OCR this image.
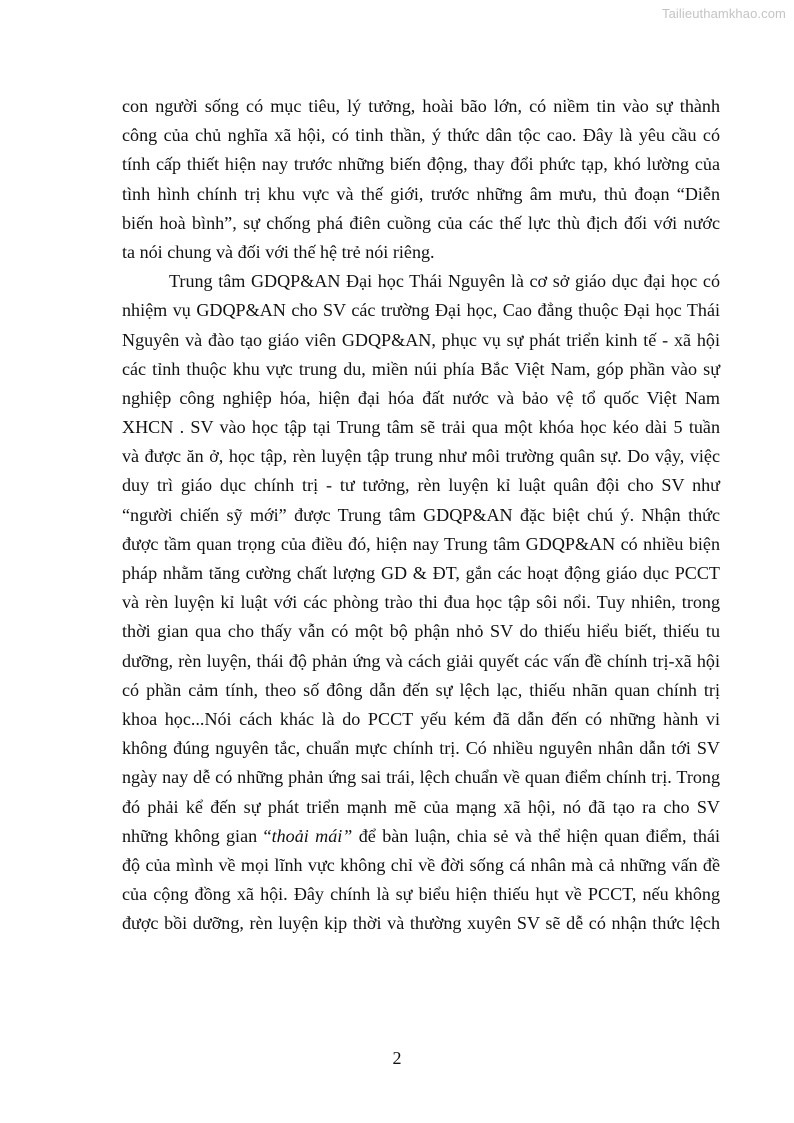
Tailieuthamkhao.com
con người sống có mục tiêu, lý tưởng, hoài bão lớn, có niềm tin vào sự thành
công của chủ nghĩa xã hội, có tinh thần, ý thức dân tộc cao. Đây là yêu cầu có
tính cấp thiết hiện nay trước những biến động, thay đổi phức tạp, khó lường của
tình hình chính trị khu vực và thế giới, trước những âm mưu, thủ đoạn “Diễn
biến hoà bình”, sự chống phá điên cuồng của các thế lực thù địch đối với nước
ta nói chung và đối với thế hệ trẻ nói riêng.
Trung tâm GDQP&AN Đại học Thái Nguyên là cơ sở giáo dục đại học có
nhiệm vụ GDQP&AN cho SV các trường Đại học, Cao đẳng thuộc Đại học Thái
Nguyên và đào tạo giáo viên GDQP&AN, phục vụ sự phát triển kinh tế - xã hội
các tỉnh thuộc khu vực trung du, miền núi phía Bắc Việt Nam, góp phần vào sự
nghiệp công nghiệp hóa, hiện đại hóa đất nước và bảo vệ tổ quốc Việt Nam
XHCN . SV vào học tập tại Trung tâm sẽ trải qua một khóa học kéo dài 5 tuần
và được ăn ở, học tập, rèn luyện tập trung như môi trường quân sự. Do vậy, việc
duy trì giáo dục chính trị - tư tưởng, rèn luyện kỉ luật quân đội cho SV như
“người chiến sỹ mới” được Trung tâm GDQP&AN đặc biệt chú ý. Nhận thức
được tầm quan trọng của điều đó, hiện nay Trung tâm GDQP&AN có nhiều biện
pháp nhằm tăng cường chất lượng GD & ĐT, gắn các hoạt động giáo dục PCCT
và rèn luyện kỉ luật với các phòng trào thi đua học tập sôi nổi. Tuy nhiên, trong
thời gian qua cho thấy vẫn có một bộ phận nhỏ SV do thiếu hiểu biết, thiếu tu
dưỡng, rèn luyện, thái độ phản ứng và cách giải quyết các vấn đề chính trị-xã hội
có phần cảm tính, theo số đông dẫn đến sự lệch lạc, thiếu nhãn quan chính trị
khoa học...Nói cách khác là do PCCT yếu kém đã dẫn đến có những hành vi
không đúng nguyên tắc, chuẩn mực chính trị. Có nhiều nguyên nhân dẫn tới SV
ngày nay dễ có những phản ứng sai trái, lệch chuẩn về quan điểm chính trị. Trong
đó phải kể đến sự phát triển mạnh mẽ của mạng xã hội, nó đã tạo ra cho SV
những không gian “thoải mái” để bàn luận, chia sẻ và thể hiện quan điểm, thái
độ của mình về mọi lĩnh vực không chỉ về đời sống cá nhân mà cả những vấn đề
của cộng đồng xã hội. Đây chính là sự biểu hiện thiếu hụt về PCCT, nếu không
được bồi dưỡng, rèn luyện kịp thời và thường xuyên SV sẽ dễ có nhận thức lệch
2
